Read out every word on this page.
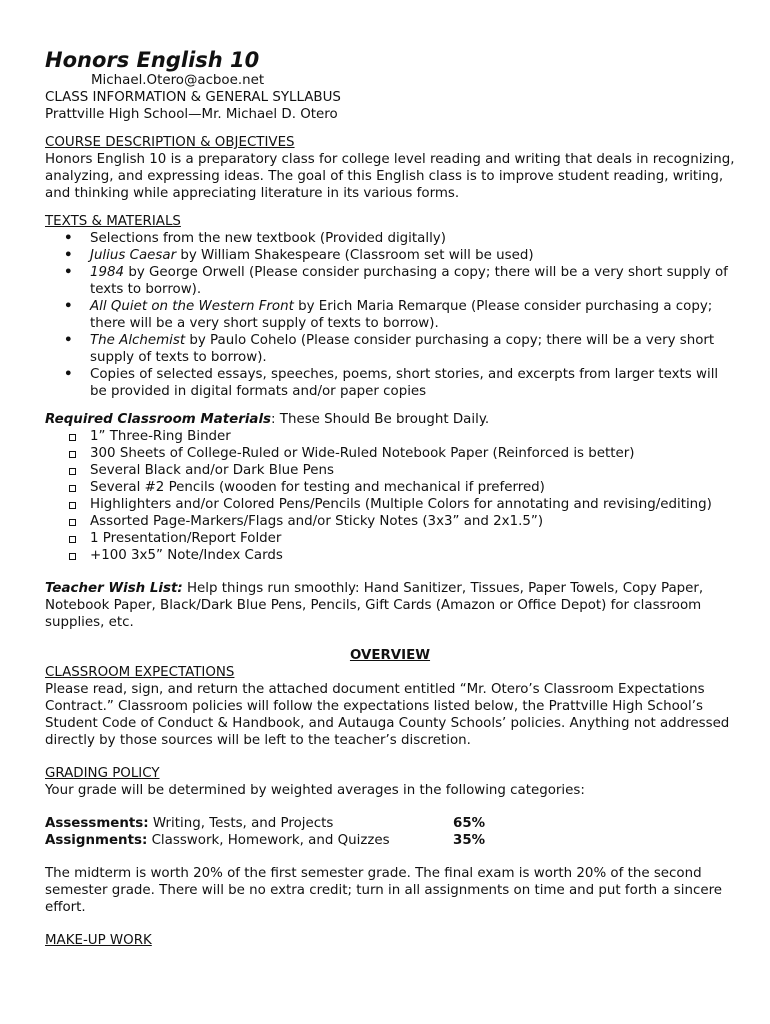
Honors English 10

Michael.Otero@acboe.net

CLASS INFORMATION & GENERAL SYLLABUS

Prattville High School—Mr. Michael D. Otero

COURSE DESCRIPTION & OBJECTIVES

Honors English 10 is a preparatory class for college level reading and writing that deals in recognizing, analyzing, and expressing ideas. The goal of this English class is to improve student reading, writing, and thinking while appreciating literature in its various forms.

TEXTS & MATERIALS

• Selections from the new textbook (Provided digitally)
• Julius Caesar by William Shakespeare (Classroom set will be used)
• 1984 by George Orwell (Please consider purchasing a copy; there will be a very short supply of texts to borrow).
• All Quiet on the Western Front by Erich Maria Remarque (Please consider purchasing a copy; there will be a very short supply of texts to borrow).
• The Alchemist by Paulo Cohelo (Please consider purchasing a copy; there will be a very short supply of texts to borrow).
• Copies of selected essays, speeches, poems, short stories, and excerpts from larger texts will be provided in digital formats and/or paper copies

Required Classroom Materials: These Should Be brought Daily.

1” Three-Ring Binder
300 Sheets of College-Ruled or Wide-Ruled Notebook Paper (Reinforced is better)
Several Black and/or Dark Blue Pens
Several #2 Pencils (wooden for testing and mechanical if preferred)
Highlighters and/or Colored Pens/Pencils (Multiple Colors for annotating and revising/editing)
Assorted Page-Markers/Flags and/or Sticky Notes (3x3” and 2x1.5”)
1 Presentation/Report Folder
+100 3x5” Note/Index Cards

Teacher Wish List: Help things run smoothly: Hand Sanitizer, Tissues, Paper Towels, Copy Paper, Notebook Paper, Black/Dark Blue Pens, Pencils, Gift Cards (Amazon or Office Depot) for classroom supplies, etc.

OVERVIEW

CLASSROOM EXPECTATIONS

Please read, sign, and return the attached document entitled “Mr. Otero’s Classroom Expectations Contract.” Classroom policies will follow the expectations listed below, the Prattville High School’s Student Code of Conduct & Handbook, and Autauga County Schools’ policies. Anything not addressed directly by those sources will be left to the teacher’s discretion.

GRADING POLICY

Your grade will be determined by weighted averages in the following categories:

Assessments: Writing, Tests, and Projects	65%
Assignments: Classwork, Homework, and Quizzes	35%

The midterm is worth 20% of the first semester grade. The final exam is worth 20% of the second semester grade. There will be no extra credit; turn in all assignments on time and put forth a sincere effort.

MAKE-UP WORK
